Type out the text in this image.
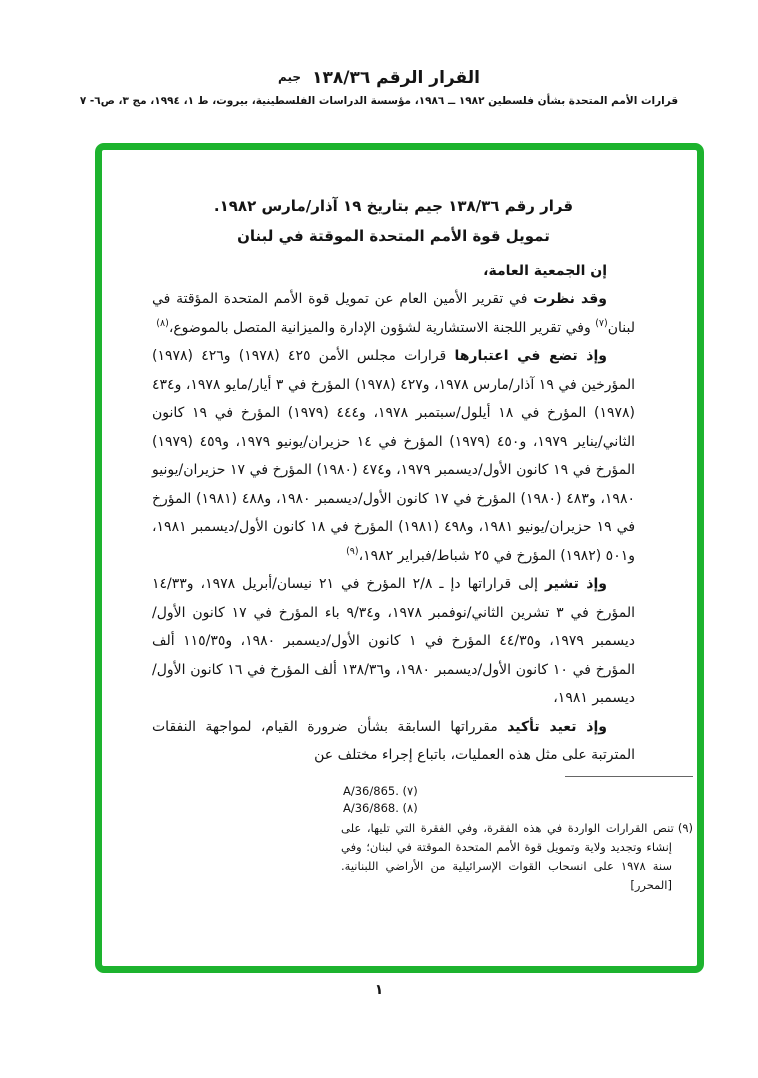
القرار الرقم ١٣٨/٣٦ جيم
قرارات الأمم المتحدة بشأن فلسطين ١٩٨٢ ــ ١٩٨٦، مؤسسة الدراسات الفلسطينية، بيروت، ط ١، ١٩٩٤، مج ٣، ص٦- ٧

قرار رقم ١٣٨/٣٦ جيم بتاريخ ١٩ آذار/مارس ١٩٨٢.

تمويل قوة الأمم المتحدة الموقتة في لبنان

إن الجمعية العامة،

وقد نظرت في تقرير الأمين العام عن تمويل قوة الأمم المتحدة المؤقتة في لبنان$^{(٧)}$ وفي تقرير اللجنة الاستشارية لشؤون الإدارة والميزانية المتصل بالموضوع،$^{(٨)}$

وإذ تضع في اعتبارها قرارات مجلس الأمن ٤٢٥ (١٩٧٨) و٤٢٦ (١٩٧٨) المؤرخين في ١٩ آذار/مارس ١٩٧٨، و٤٢٧ (١٩٧٨) المؤرخ في ٣ أيار/مايو ١٩٧٨، و٤٣٤ (١٩٧٨) المؤرخ في ١٨ أيلول/سبتمبر ١٩٧٨، و٤٤٤ (١٩٧٩) المؤرخ في ١٩ كانون الثاني/يناير ١٩٧٩، و٤٥٠ (١٩٧٩) المؤرخ في ١٤ حزيران/يونيو ١٩٧٩، و٤٥٩ (١٩٧٩) المؤرخ في ١٩ كانون الأول/ديسمبر ١٩٧٩، و٤٧٤ (١٩٨٠) المؤرخ في ١٧ حزيران/يونيو ١٩٨٠، و٤٨٣ (١٩٨٠) المؤرخ في ١٧ كانون الأول/ديسمبر ١٩٨٠، و٤٨٨ (١٩٨١) المؤرخ في ١٩ حزيران/يونيو ١٩٨١، و٤٩٨ (١٩٨١) المؤرخ في ١٨ كانون الأول/ديسمبر ١٩٨١، و٥٠١ (١٩٨٢) المؤرخ في ٢٥ شباط/فبراير ١٩٨٢،$^{(٩)}$

وإذ تشير إلى قراراتها دإ ـ ٢/٨ المؤرخ في ٢١ نيسان/أبريل ١٩٧٨، و١٤/٣٣ المؤرخ في ٣ تشرين الثاني/نوفمبر ١٩٧٨، و٩/٣٤ باء المؤرخ في ١٧ كانون الأول/ديسمبر ١٩٧٩، و٤٤/٣٥ المؤرخ في ١ كانون الأول/ديسمبر ١٩٨٠، و١١٥/٣٥ ألف المؤرخ في ١٠ كانون الأول/ديسمبر ١٩٨٠، و١٣٨/٣٦ ألف المؤرخ في ١٦ كانون الأول/ديسمبر ١٩٨١،

وإذ تعيد تأكيد مقرراتها السابقة بشأن ضرورة القيام، لمواجهة النفقات المترتبة على مثل هذه العمليات، باتباع إجراء مختلف عن

(٧) A/36/865.
(٨) A/36/868.
(٩)تنص القرارات الواردة في هذه الفقرة، وفي الفقرة التي تليها، على إنشاء وتجديد ولاية وتمويل قوة الأمم المتحدة الموقتة في لبنان؛ وفي سنة ١٩٧٨ على انسحاب القوات الإسرائيلية من الأراضي اللبنانية. [المحرر]
١
